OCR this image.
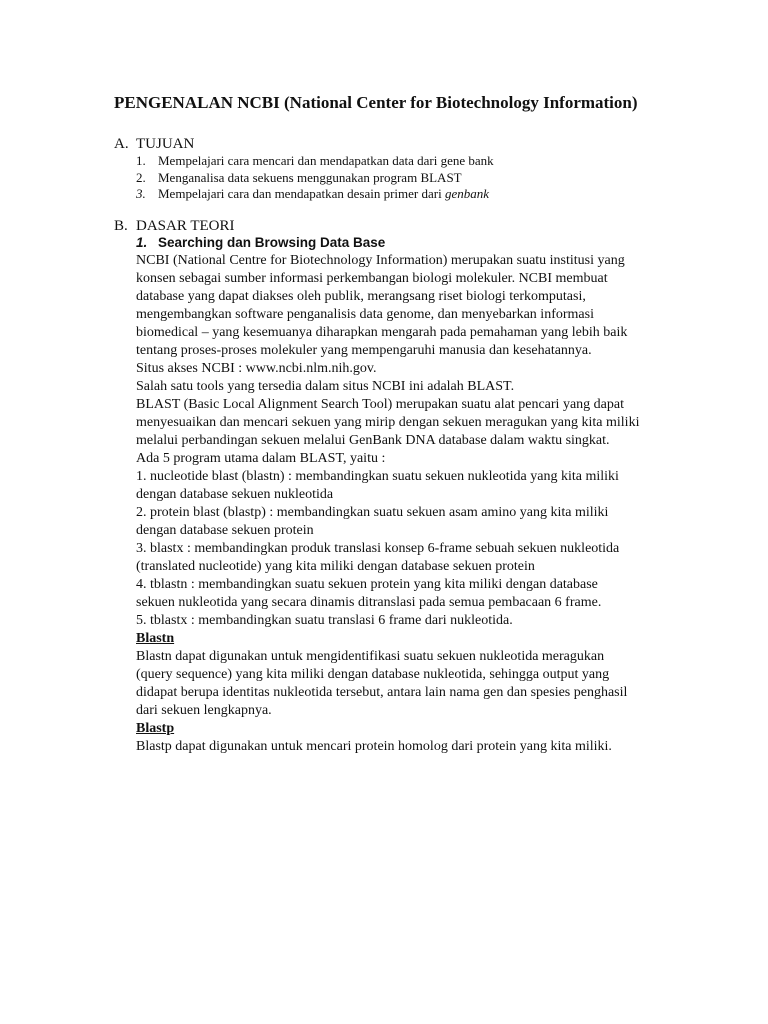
PENGENALAN NCBI (National Center for Biotechnology Information)
A. TUJUAN
1. Mempelajari cara mencari dan mendapatkan data dari gene bank
2. Menganalisa data sekuens menggunakan program BLAST
3. Mempelajari cara dan mendapatkan desain primer dari genbank
B. DASAR TEORI
1. Searching dan Browsing Data Base
NCBI (National Centre for Biotechnology Information) merupakan suatu institusi yang
konsen sebagai sumber informasi perkembangan biologi molekuler. NCBI membuat
database yang dapat diakses oleh publik, merangsang riset biologi terkomputasi,
mengembangkan software penganalisis data genome, dan menyebarkan informasi
biomedical – yang kesemuanya diharapkan mengarah pada pemahaman yang lebih baik
tentang proses-proses molekuler yang mempengaruhi manusia dan kesehatannya.
Situs akses NCBI : www.ncbi.nlm.nih.gov.
Salah satu tools yang tersedia dalam situs NCBI ini adalah BLAST.
BLAST (Basic Local Alignment Search Tool) merupakan suatu alat pencari yang dapat
menyesuaikan dan mencari sekuen yang mirip dengan sekuen meragukan yang kita miliki
melalui perbandingan sekuen melalui GenBank DNA database dalam waktu singkat.
Ada 5 program utama dalam BLAST, yaitu :
1. nucleotide blast (blastn) : membandingkan suatu sekuen nukleotida yang kita miliki
dengan database sekuen nukleotida
2. protein blast (blastp) : membandingkan suatu sekuen asam amino yang kita miliki
dengan database sekuen protein
3. blastx : membandingkan produk translasi konsep 6-frame sebuah sekuen nukleotida
(translated nucleotide) yang kita miliki dengan database sekuen protein
4. tblastn : membandingkan suatu sekuen protein yang kita miliki dengan database
sekuen nukleotida yang secara dinamis ditranslasi pada semua pembacaan 6 frame.
5. tblastx : membandingkan suatu translasi 6 frame dari nukleotida.
Blastn
Blastn dapat digunakan untuk mengidentifikasi suatu sekuen nukleotida meragukan
(query sequence) yang kita miliki dengan database nukleotida, sehingga output yang
didapat berupa identitas nukleotida tersebut, antara lain nama gen dan spesies penghasil
dari sekuen lengkapnya.
Blastp
Blastp dapat digunakan untuk mencari protein homolog dari protein yang kita miliki.
